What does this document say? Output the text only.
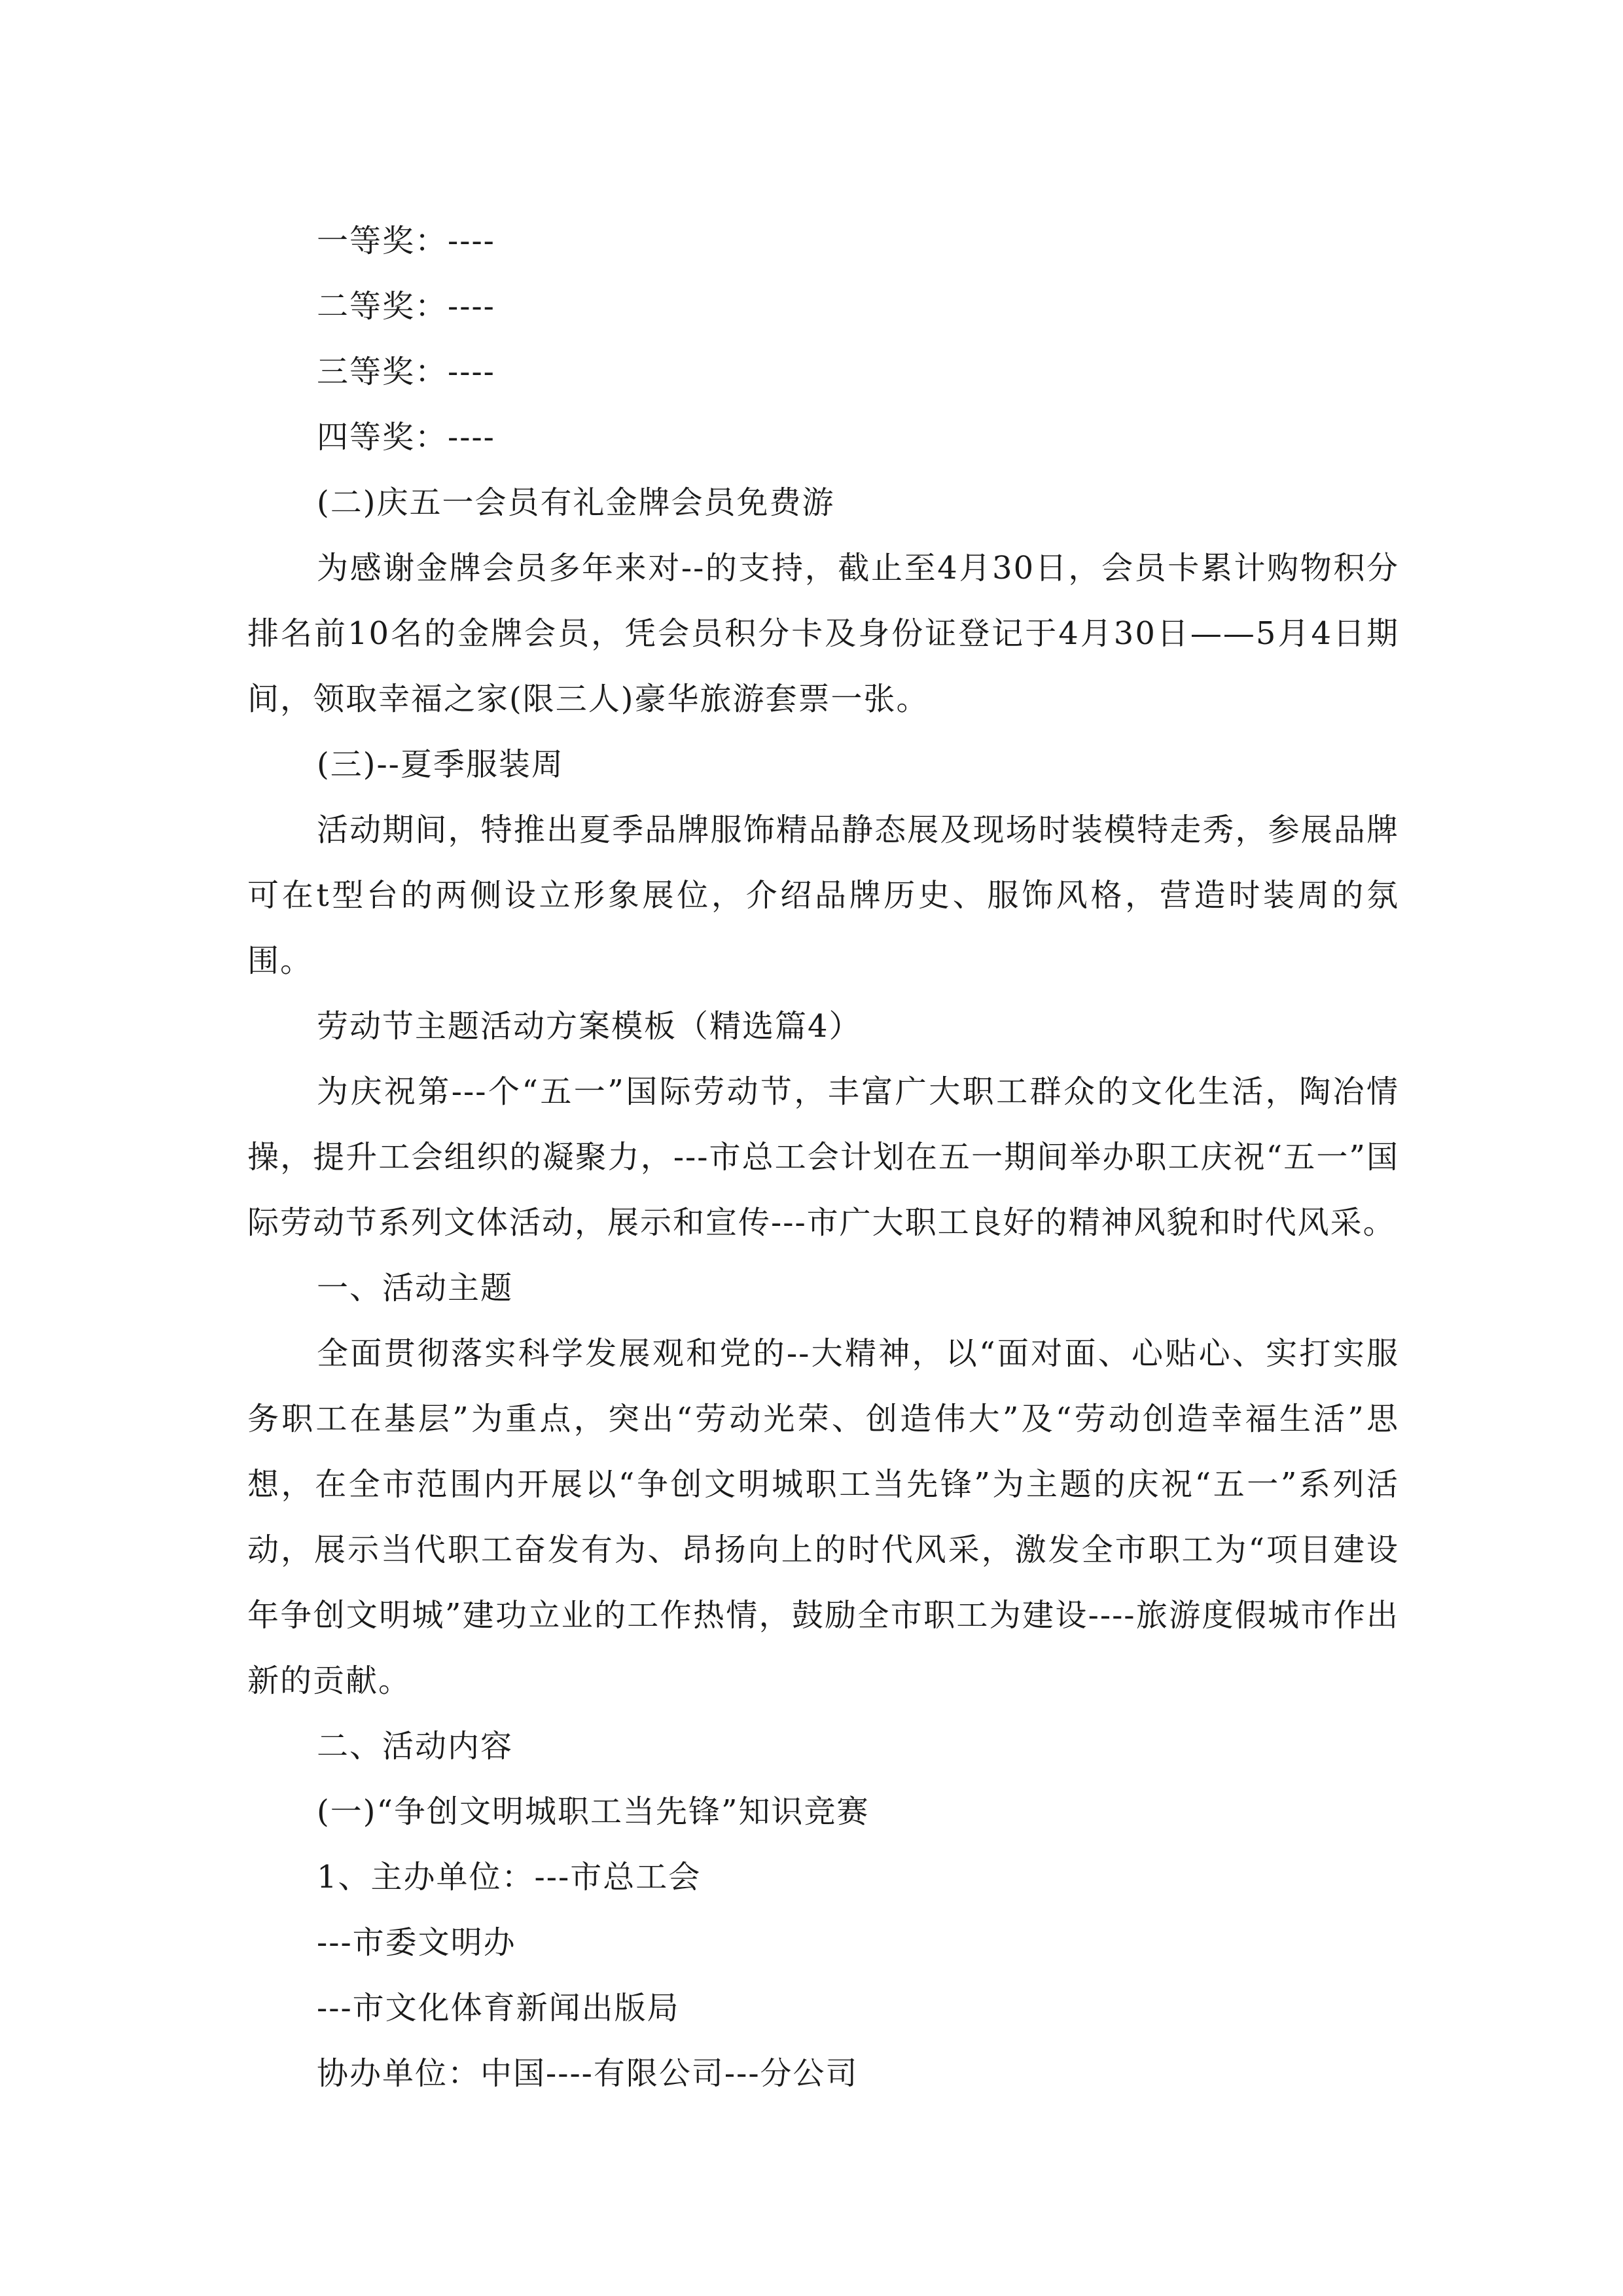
一等奖：----

二等奖：----

三等奖：----

四等奖：----

(二)庆五一会员有礼金牌会员免费游

为感谢金牌会员多年来对--的支持，截止至4月30日，会员卡累计购物积分排名前10名的金牌会员，凭会员积分卡及身份证登记于4月30日——5月4日期间，领取幸福之家(限三人)豪华旅游套票一张。

(三)--夏季服装周

活动期间，特推出夏季品牌服饰精品静态展及现场时装模特走秀，参展品牌可在t型台的两侧设立形象展位，介绍品牌历史、服饰风格，营造时装周的氛围。

劳动节主题活动方案模板（精选篇4）

为庆祝第---个“五一”国际劳动节，丰富广大职工群众的文化生活，陶冶情操，提升工会组织的凝聚力，---市总工会计划在五一期间举办职工庆祝“五一”国际劳动节系列文体活动，展示和宣传---市广大职工良好的精神风貌和时代风采。

一、活动主题

全面贯彻落实科学发展观和党的--大精神，以“面对面、心贴心、实打实服务职工在基层”为重点，突出“劳动光荣、创造伟大”及“劳动创造幸福生活”思想，在全市范围内开展以“争创文明城职工当先锋”为主题的庆祝“五一”系列活动，展示当代职工奋发有为、昂扬向上的时代风采，激发全市职工为“项目建设年争创文明城”建功立业的工作热情，鼓励全市职工为建设----旅游度假城市作出新的贡献。

二、活动内容

(一)“争创文明城职工当先锋”知识竞赛

1、主办单位：---市总工会

---市委文明办

---市文化体育新闻出版局

协办单位：中国----有限公司---分公司
